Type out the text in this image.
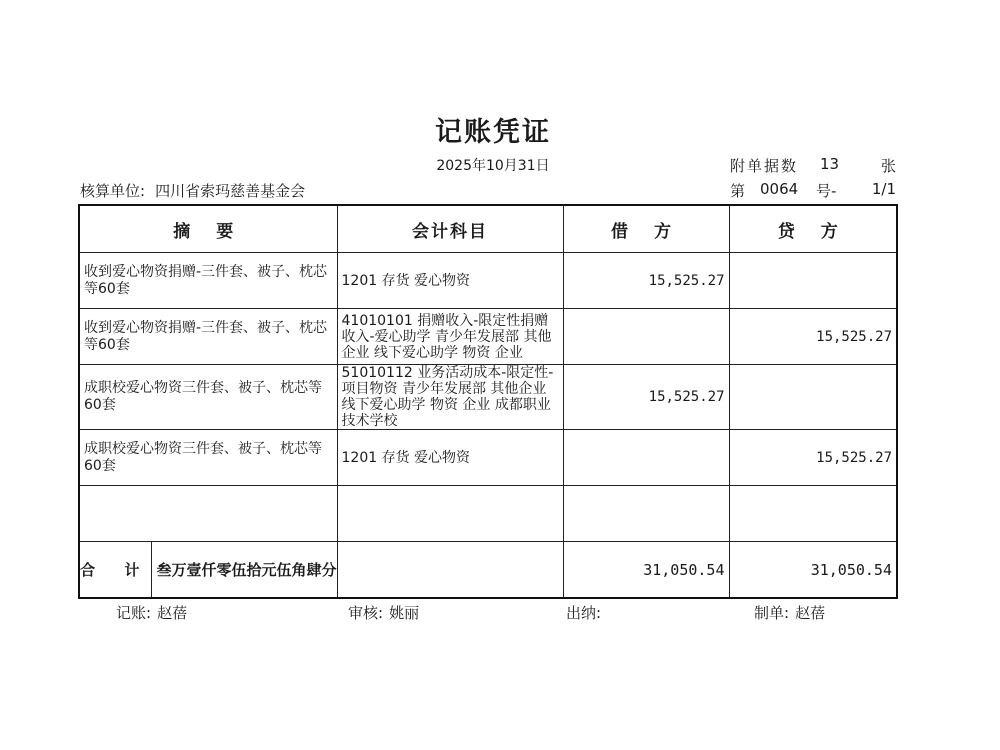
记账凭证
2025年10月31日	附单据数 13	张
核算单位: 四川省索玛慈善基金会	第 0064 号- 1/1
摘 要	会计科目	借 方	贷 方
收到爱心物资捐赠-三件套、被子、枕芯等60套	1201 存货 爱心物资	15,525.27	
收到爱心物资捐赠-三件套、被子、枕芯等60套	41010101 捐赠收入-限定性捐赠收入-爱心助学 青少年发展部 其他企业 线下爱心助学 物资 企业		15,525.27
成职校爱心物资三件套、被子、枕芯等60套	51010112 业务活动成本-限定性-项目物资 青少年发展部 其他企业 线下爱心助学 物资 企业 成都职业技术学校	15,525.27	
成职校爱心物资三件套、被子、枕芯等60套	1201 存货 爱心物资		15,525.27

合 计 叁万壹仟零伍拾元伍角肆分		31,050.54	31,050.54
记账: 赵蓓	审核: 姚丽	出纳:	制单: 赵蓓
